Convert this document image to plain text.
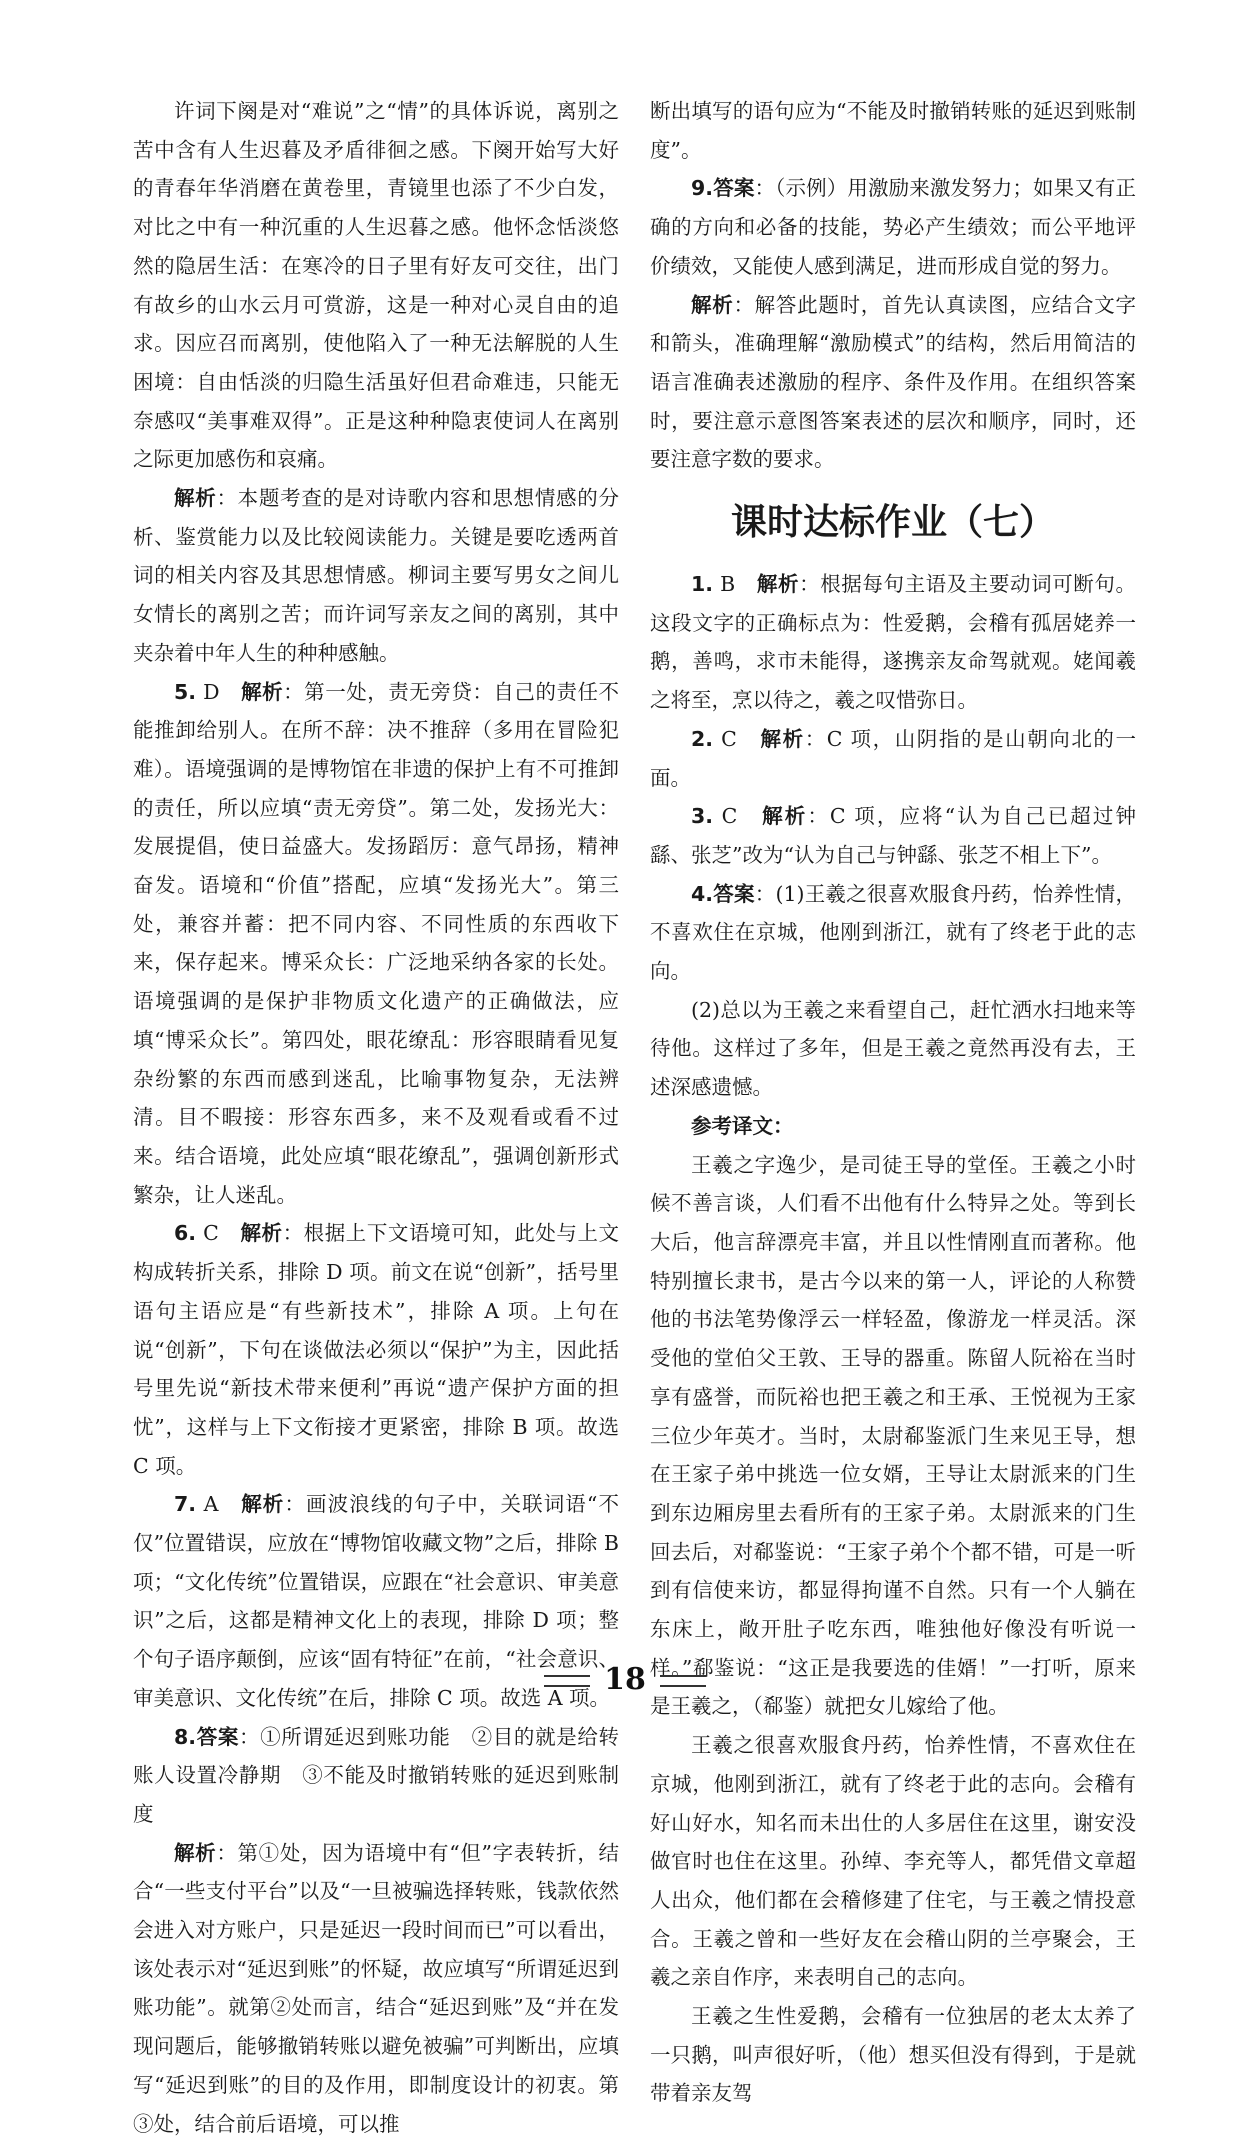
许词下阕是对“难说”之“情”的具体诉说，离别之苦中含有人生迟暮及矛盾徘徊之感。下阕开始写大好的青春年华消磨在黄卷里，青镜里也添了不少白发，对比之中有一种沉重的人生迟暮之感。他怀念恬淡悠然的隐居生活：在寒冷的日子里有好友可交往，出门有故乡的山水云月可赏游，这是一种对心灵自由的追求。因应召而离别，使他陷入了一种无法解脱的人生困境：自由恬淡的归隐生活虽好但君命难违，只能无奈感叹“美事难双得”。正是这种种隐衷使词人在离别之际更加感伤和哀痛。

解析：本题考查的是对诗歌内容和思想情感的分析、鉴赏能力以及比较阅读能力。关键是要吃透两首词的相关内容及其思想情感。柳词主要写男女之间儿女情长的离别之苦；而许词写亲友之间的离别，其中夹杂着中年人生的种种感触。

5. D　解析：第一处，责无旁贷：自己的责任不能推卸给别人。在所不辞：决不推辞（多用在冒险犯难）。语境强调的是博物馆在非遗的保护上有不可推卸的责任，所以应填“责无旁贷”。第二处，发扬光大：发展提倡，使日益盛大。发扬蹈厉：意气昂扬，精神奋发。语境和“价值”搭配，应填“发扬光大”。第三处，兼容并蓄：把不同内容、不同性质的东西收下来，保存起来。博采众长：广泛地采纳各家的长处。语境强调的是保护非物质文化遗产的正确做法，应填“博采众长”。第四处，眼花缭乱：形容眼睛看见复杂纷繁的东西而感到迷乱，比喻事物复杂，无法辨清。目不暇接：形容东西多，来不及观看或看不过来。结合语境，此处应填“眼花缭乱”，强调创新形式繁杂，让人迷乱。

6. C　解析：根据上下文语境可知，此处与上文构成转折关系，排除 D 项。前文在说“创新”，括号里语句主语应是“有些新技术”，排除 A 项。上句在说“创新”，下句在谈做法必须以“保护”为主，因此括号里先说“新技术带来便利”再说“遗产保护方面的担忧”，这样与上下文衔接才更紧密，排除 B 项。故选 C 项。

7. A　解析：画波浪线的句子中，关联词语“不仅”位置错误，应放在“博物馆收藏文物”之后，排除 B 项；“文化传统”位置错误，应跟在“社会意识、审美意识”之后，这都是精神文化上的表现，排除 D 项；整个句子语序颠倒，应该“固有特征”在前，“社会意识、审美意识、文化传统”在后，排除 C 项。故选 A 项。

8.答案：①所谓延迟到账功能　②目的就是给转账人设置冷静期　③不能及时撤销转账的延迟到账制度

解析：第①处，因为语境中有“但”字表转折，结合“一些支付平台”以及“一旦被骗选择转账，钱款依然会进入对方账户，只是延迟一段时间而已”可以看出，该处表示对“延迟到账”的怀疑，故应填写“所谓延迟到账功能”。就第②处而言，结合“延迟到账”及“并在发现问题后，能够撤销转账以避免被骗”可判断出，应填写“延迟到账”的目的及作用，即制度设计的初衷。第③处，结合前后语境，可以推

断出填写的语句应为“不能及时撤销转账的延迟到账制度”。

9.答案：（示例）用激励来激发努力；如果又有正确的方向和必备的技能，势必产生绩效；而公平地评价绩效，又能使人感到满足，进而形成自觉的努力。

解析：解答此题时，首先认真读图，应结合文字和箭头，准确理解“激励模式”的结构，然后用简洁的语言准确表述激励的程序、条件及作用。在组织答案时，要注意示意图答案表述的层次和顺序，同时，还要注意字数的要求。

课时达标作业（七）

1. B　解析：根据每句主语及主要动词可断句。这段文字的正确标点为：性爱鹅，会稽有孤居姥养一鹅，善鸣，求市未能得，遂携亲友命驾就观。姥闻羲之将至，烹以待之，羲之叹惜弥日。

2. C　解析：C 项，山阴指的是山朝向北的一面。

3. C　解析：C 项，应将“认为自己已超过钟繇、张芝”改为“认为自己与钟繇、张芝不相上下”。

4.答案：(1)王羲之很喜欢服食丹药，怡养性情，不喜欢住在京城，他刚到浙江，就有了终老于此的志向。

(2)总以为王羲之来看望自己，赶忙洒水扫地来等待他。这样过了多年，但是王羲之竟然再没有去，王述深感遗憾。

参考译文：

王羲之字逸少，是司徒王导的堂侄。王羲之小时候不善言谈，人们看不出他有什么特异之处。等到长大后，他言辞漂亮丰富，并且以性情刚直而著称。他特别擅长隶书，是古今以来的第一人，评论的人称赞他的书法笔势像浮云一样轻盈，像游龙一样灵活。深受他的堂伯父王敦、王导的器重。陈留人阮裕在当时享有盛誉，而阮裕也把王羲之和王承、王悦视为王家三位少年英才。当时，太尉郗鉴派门生来见王导，想在王家子弟中挑选一位女婿，王导让太尉派来的门生到东边厢房里去看所有的王家子弟。太尉派来的门生回去后，对郗鉴说：“王家子弟个个都不错，可是一听到有信使来访，都显得拘谨不自然。只有一个人躺在东床上，敞开肚子吃东西，唯独他好像没有听说一样。”郗鉴说：“这正是我要选的佳婿！”一打听，原来是王羲之，（郗鉴）就把女儿嫁给了他。

王羲之很喜欢服食丹药，怡养性情，不喜欢住在京城，他刚到浙江，就有了终老于此的志向。会稽有好山好水，知名而未出仕的人多居住在这里，谢安没做官时也住在这里。孙绰、李充等人，都凭借文章超人出众，他们都在会稽修建了住宅，与王羲之情投意合。王羲之曾和一些好友在会稽山阴的兰亭聚会，王羲之亲自作序，来表明自己的志向。

王羲之生性爱鹅，会稽有一位独居的老太太养了一只鹅，叫声很好听，（他）想买但没有得到，于是就带着亲友驾

18
